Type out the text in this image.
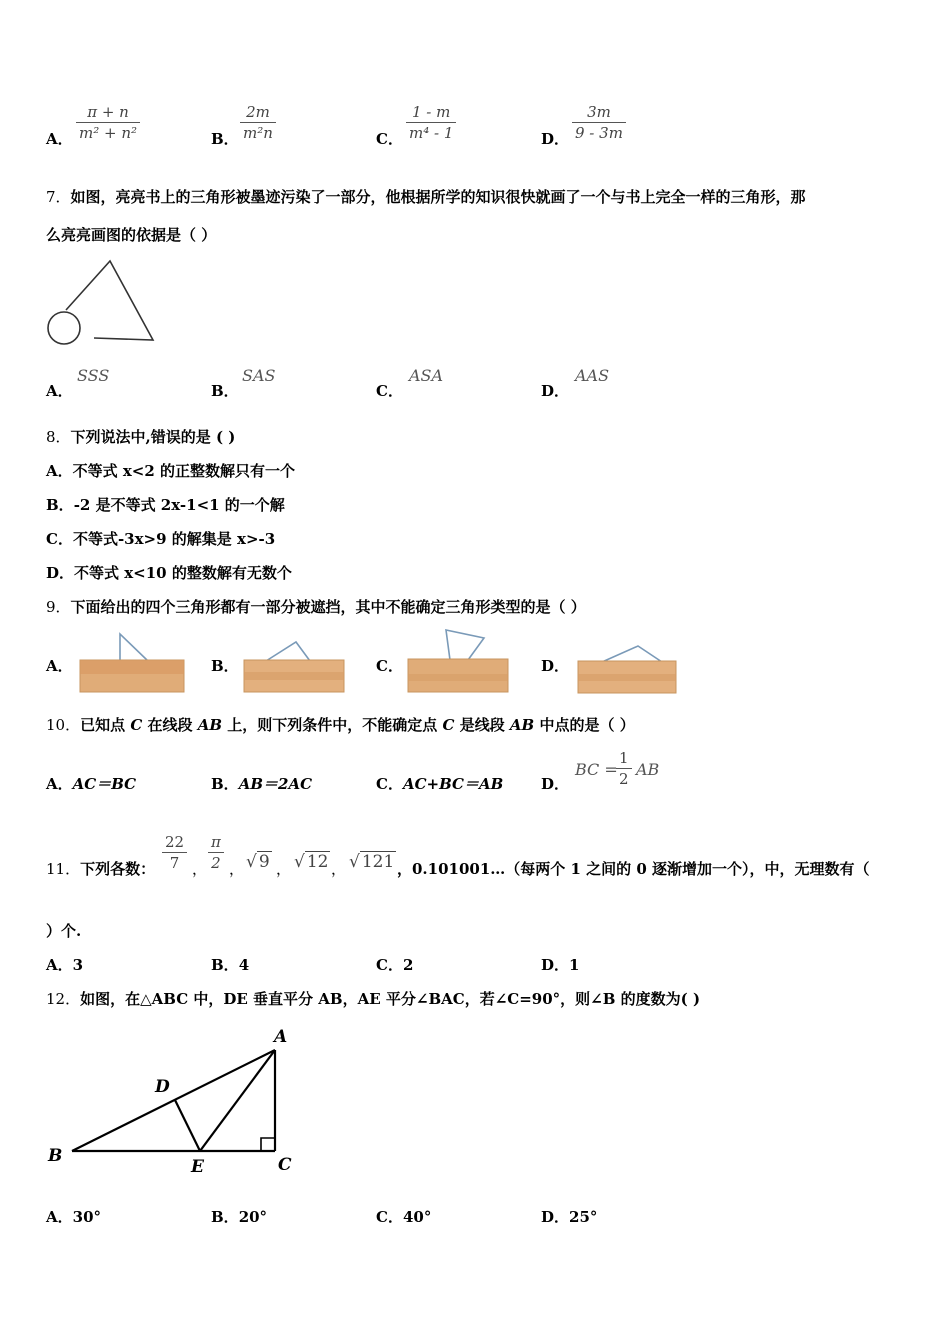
A． $\frac{\pi + n}{\text{m² + n²}}$	B． $\frac{2m}{\text{m²n}}$	C． $\frac{1 - m}{\text{m⁴ - 1}}$	D． $\frac{3m}{9 - 3m}$
7．如图，亮亮书上的三角形被墨迹污染了一部分，他根据所学的知识很快就画了一个与书上完全一样的三角形，那
么亮亮画图的依据是（ ）
A．
SSS
B．
SAS
C．
ASA
D．
AAS
8．下列说法中,错误的是 ( )
A．不等式 x<2 的正整数解只有一个
B．-2 是不等式 2x-1<1 的一个解
C．不等式-3x>9 的解集是 x>-3
D．不等式 x<10 的整数解有无数个
9．下面给出的四个三角形都有一部分被遮挡，其中不能确定三角形类型的是（ ）
A．	B．	C．	D．
10．已知点 C 在线段 AB 上，则下列条件中，不能确定点 C 是线段 AB 中点的是（ ）
A．AC＝BC	B．AB＝2AC	C．AC+BC＝AB	D．
BC =
$\frac{1}{2}$ AB
11．下列各数： $\frac{22}{7}$ ， $\frac{\pi}{2}$ ， √ 9 ， √ 12 ， √ 121 ，0.101001…（每两个 1 之间的 0 逐渐增加一个），中，无理数有（
）个.
A．3	B．4	C．2	D．1
12．如图，在△ABC 中，DE 垂直平分 AB，AE 平分∠BAC，若∠C=90°，则∠B 的度数为( )
A
B	C
D
E
A．30°	B．20°	C．40°	D．25°
